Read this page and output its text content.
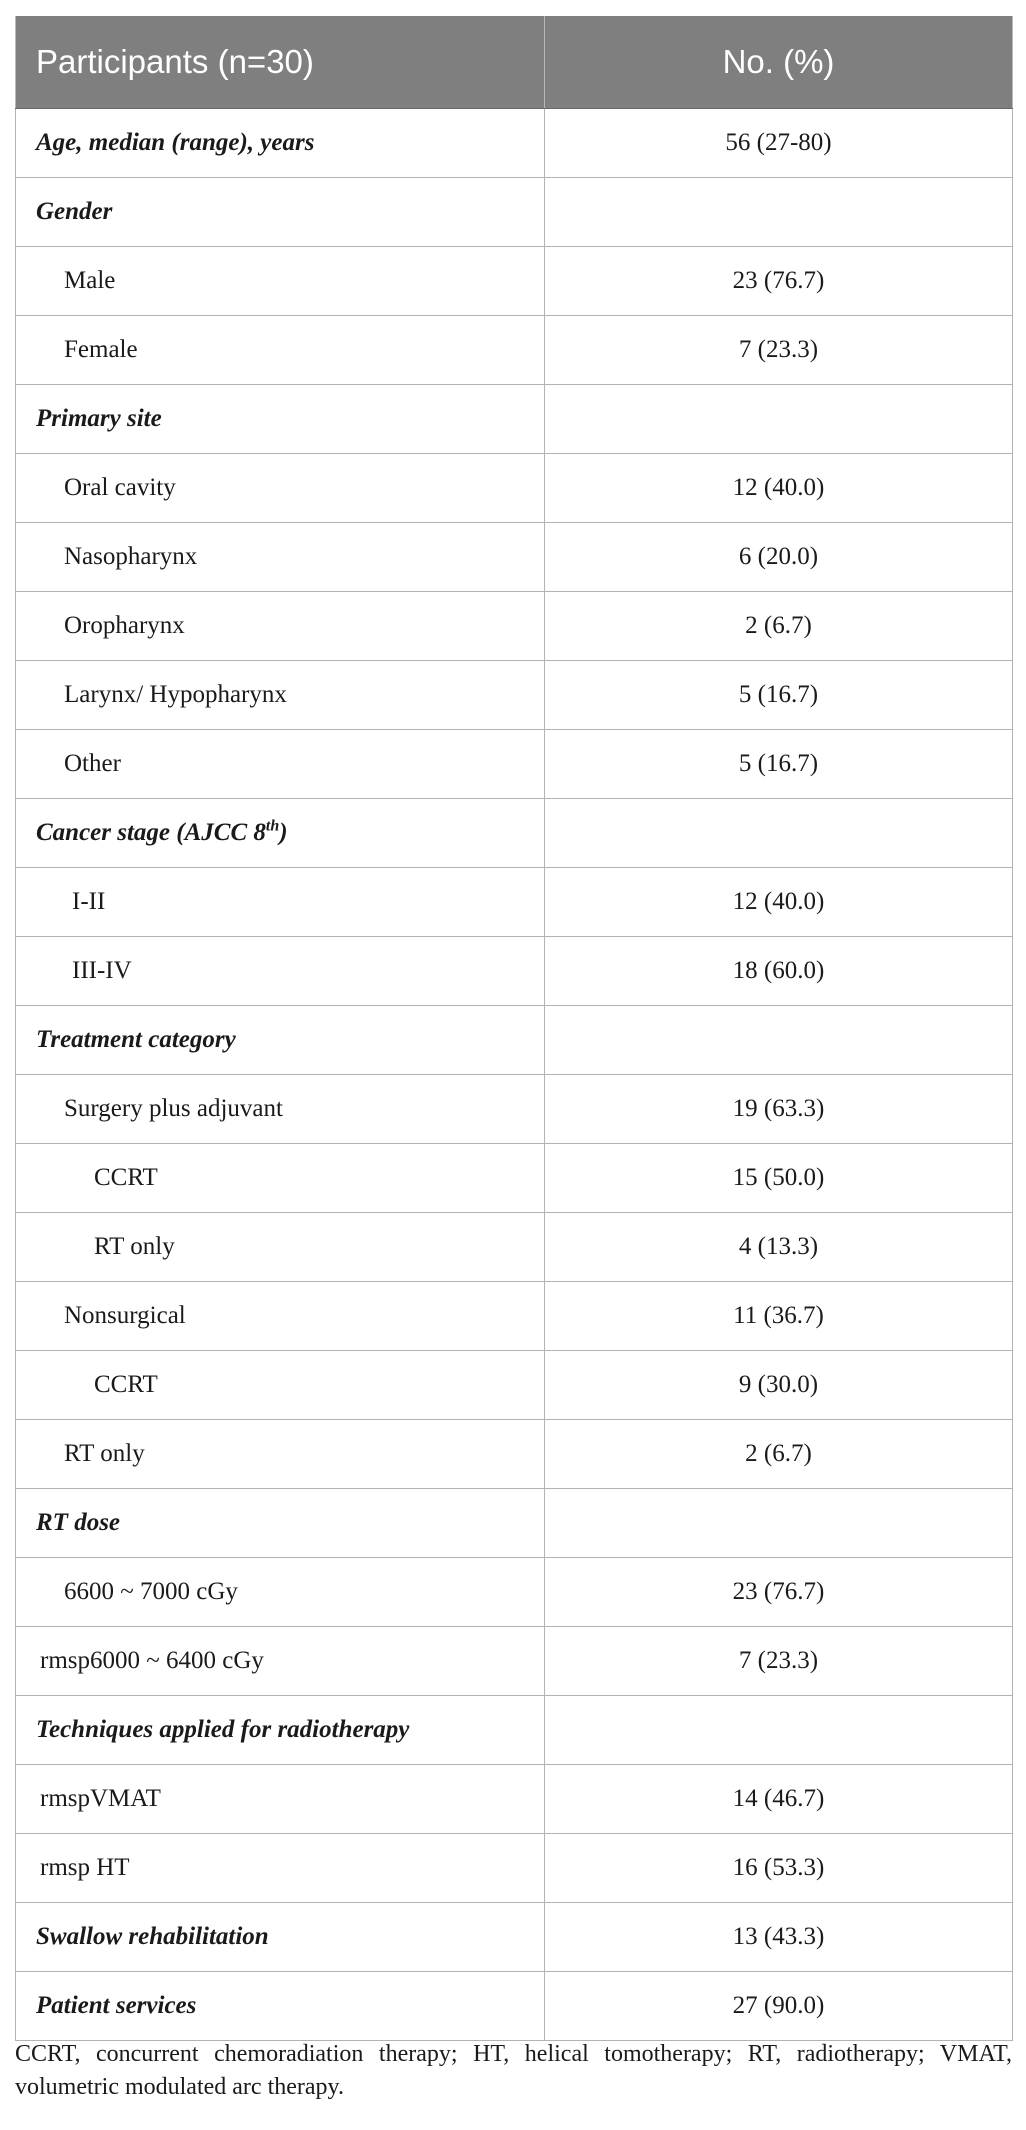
Participants (n=30)	No. (%)
Age, median (range), years	56 (27-80)
Gender	
Male	23 (76.7)
Female	7 (23.3)
Primary site	
Oral cavity	12 (40.0)
Nasopharynx	6 (20.0)
Oropharynx	2 (6.7)
Larynx/ Hypopharynx	5 (16.7)
Other	5 (16.7)
Cancer stage (AJCC 8th)	
I-II	12 (40.0)
III-IV	18 (60.0)
Treatment category	
Surgery plus adjuvant	19 (63.3)
CCRT	15 (50.0)
RT only	4 (13.3)
Nonsurgical	11 (36.7)
CCRT	9 (30.0)
RT only	2 (6.7)
RT dose	
6600 ~ 7000 cGy	23 (76.7)
rmsp6000 ~ 6400 cGy	7 (23.3)
Techniques applied for radiotherapy	
rmspVMAT	14 (46.7)
rmsp HT	16 (53.3)
Swallow rehabilitation	13 (43.3)
Patient services	27 (90.0)
CCRT, concurrent chemoradiation therapy; HT, helical tomotherapy; RT, radiotherapy; VMAT, volumetric modulated arc therapy.
